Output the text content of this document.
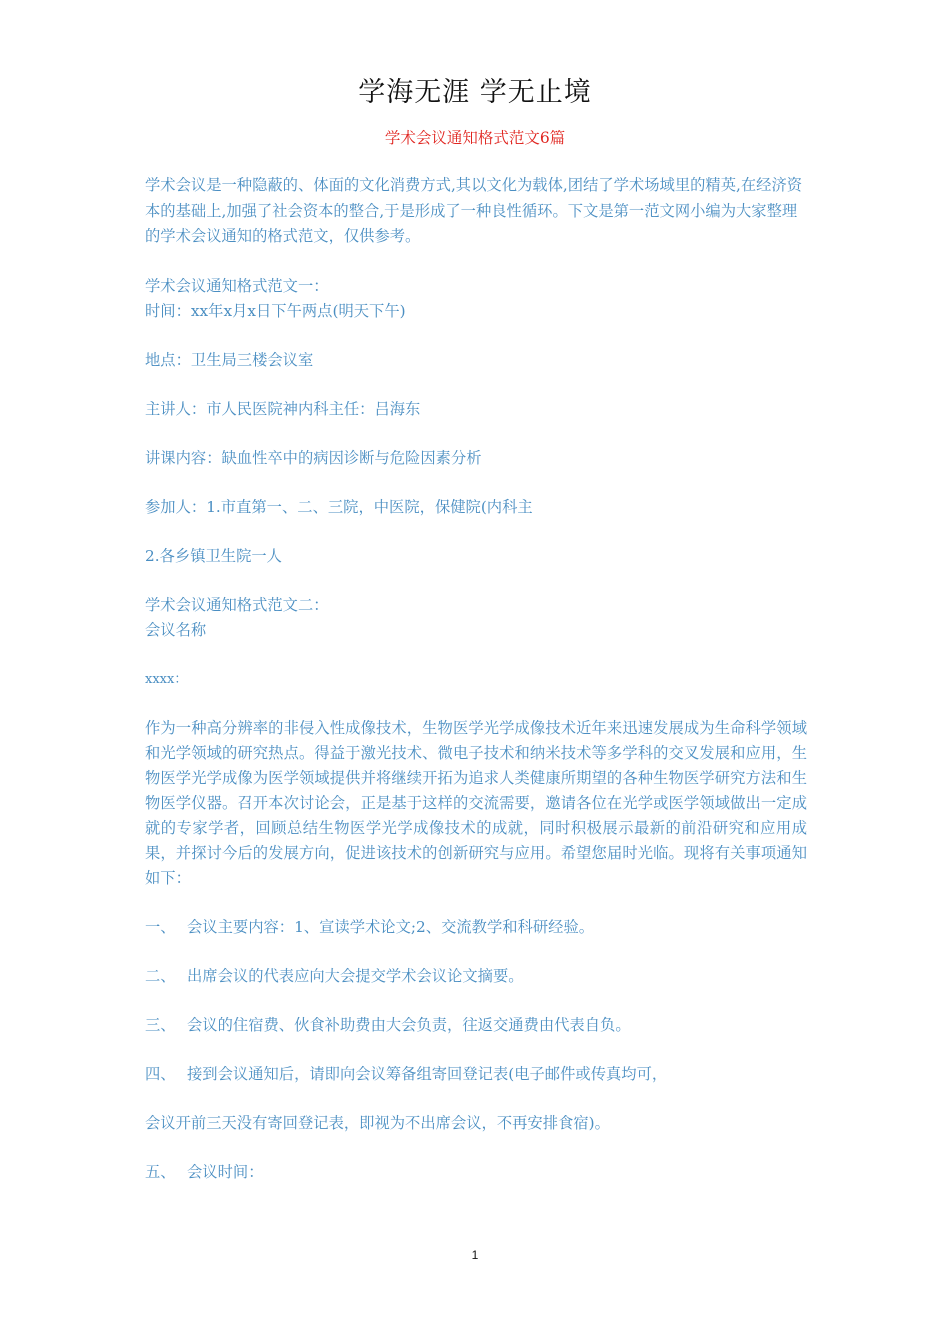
学海无涯 学无止境
学术会议通知格式范文6篇

学术会议是一种隐蔽的、体面的文化消费方式,其以文化为载体,团结了学术场域里的精英,在经济资本的基础上,加强了社会资本的整合,于是形成了一种良性循环。下文是第一范文网小编为大家整理的学术会议通知的格式范文，仅供参考。

学术会议通知格式范文一：

时间：xx年x月x日下午两点(明天下午)

地点：卫生局三楼会议室

主讲人：市人民医院神内科主任：吕海东

讲课内容：缺血性卒中的病因诊断与危险因素分析

参加人：1.市直第一、二、三院，中医院，保健院(内科主

2.各乡镇卫生院一人

学术会议通知格式范文二：

会议名称

xxxx：

作为一种高分辨率的非侵入性成像技术，生物医学光学成像技术近年来迅速发展成为生命科学领域和光学领域的研究热点。得益于激光技术、微电子技术和纳米技术等多学科的交叉发展和应用，生物医学光学成像为医学领域提供并将继续开拓为追求人类健康所期望的各种生物医学研究方法和生物医学仪器。召开本次讨论会，正是基于这样的交流需要，邀请各位在光学或医学领域做出一定成就的专家学者，回顾总结生物医学光学成像技术的成就，同时积极展示最新的前沿研究和应用成果，并探讨今后的发展方向，促进该技术的创新研究与应用。希望您届时光临。现将有关事项通知如下：

一、 会议主要内容：1、宣读学术论文;2、交流教学和科研经验。

二、 出席会议的代表应向大会提交学术会议论文摘要。

三、 会议的住宿费、伙食补助费由大会负责，往返交通费由代表自负。

四、 接到会议通知后，请即向会议筹备组寄回登记表(电子邮件或传真均可，

会议开前三天没有寄回登记表，即视为不出席会议，不再安排食宿)。

五、 会议时间：

1
